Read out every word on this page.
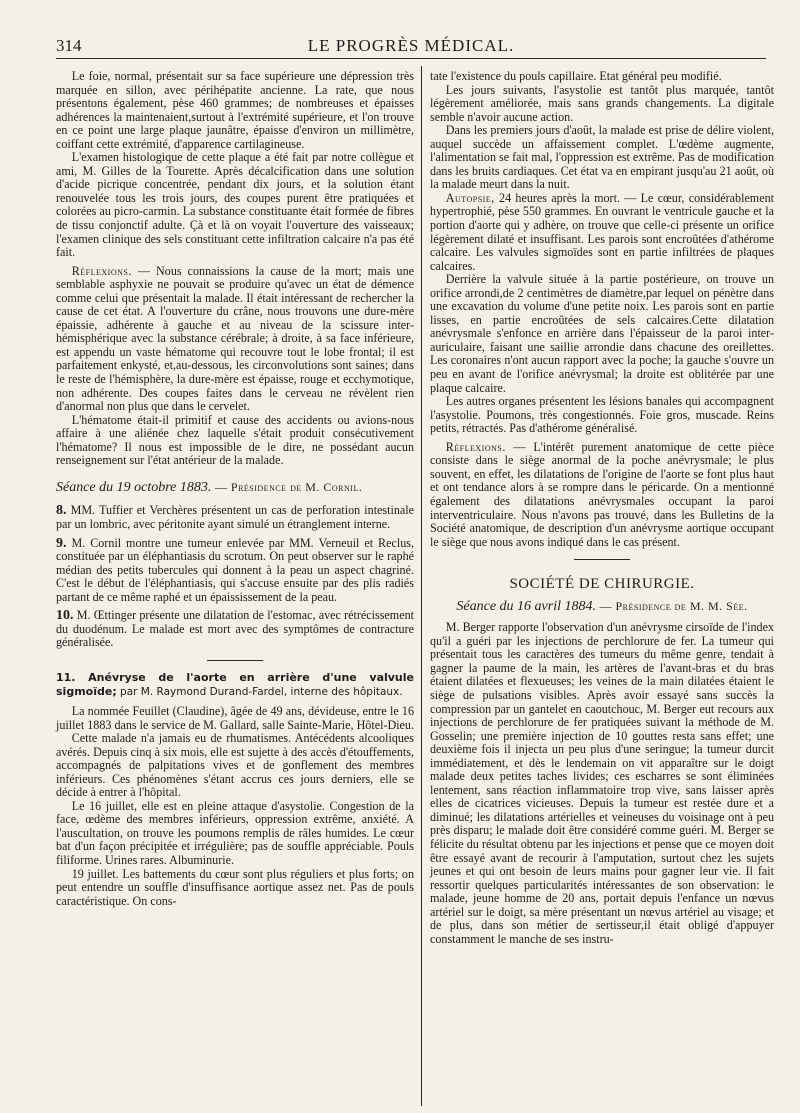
314	LE PROGRÈS MÉDICAL.

Le foie, normal, présentait sur sa face supérieure une dépression très marquée en sillon, avec périhépatite ancienne. La rate, que nous présentons également, pèse 460 grammes; de nombreuses et épaisses adhérences la maintenaient,surtout à l'extrémité supérieure, et l'on trouve en ce point une large plaque jaunâtre, épaisse d'environ un millimètre, coiffant cette extrémité, d'apparence cartilagineuse.

L'examen histologique de cette plaque a été fait par notre collègue et ami, M. Gilles de la Tourette. Après décalcification dans une solution d'acide picrique concentrée, pendant dix jours, et la solution étant renouvelée tous les trois jours, des coupes purent être pratiquées et colorées au picro-carmin. La substance constituante était formée de fibres de tissu conjonctif adulte. Çà et là on voyait l'ouverture des vaisseaux; l'examen clinique des sels constituant cette infiltration calcaire n'a pas été fait.

Réflexions. — Nous connaissions la cause de la mort; mais une semblable asphyxie ne pouvait se produire qu'avec un état de démence comme celui que présentait la malade. Il était intéressant de rechercher la cause de cet état. A l'ouverture du crâne, nous trouvons une dure-mère épaissie, adhérente à gauche et au niveau de la scissure inter-hémisphérique avec la substance cérébrale; à droite, à sa face inférieure, est appendu un vaste hématome qui recouvre tout le lobe frontal; il est parfaitement enkysté, et,au-dessous, les circonvolutions sont saines; dans le reste de l'hémisphère, la dure-mère est épaisse, rouge et ecchymotique, non adhérente. Des coupes faites dans le cerveau ne révèlent rien d'anormal non plus que dans le cervelet.

L'hématome était-il primitif et cause des accidents ou avions-nous affaire à une aliénée chez laquelle s'était produit consécutivement l'hématome? Il nous est impossible de le dire, ne possédant aucun renseignement sur l'état antérieur de la malade.

Séance du 19 octobre 1883. — Présidence de M. Cornil.

8. MM. Tuffier et Verchères présentent un cas de perforation intestinale par un lombric, avec péritonite ayant simulé un étranglement interne.

9. M. Cornil montre une tumeur enlevée par MM. Verneuil et Reclus, constituée par un éléphantiasis du scrotum. On peut observer sur le raphé médian des petits tubercules qui donnent à la peau un aspect chagriné. C'est le début de l'éléphantiasis, qui s'accuse ensuite par des plis radiés partant de ce même raphé et un épaississement de la peau.

10. M. Œttinger présente une dilatation de l'estomac, avec rétrécissement du duodénum. Le malade est mort avec des symptômes de contracture généralisée.

11. Anévryse de l'aorte en arrière d'une valvule sigmoïde; par M. Raymond Durand-Fardel, interne des hôpitaux.

La nommée Feuillet (Claudine), âgée de 49 ans, dévideuse, entre le 16 juillet 1883 dans le service de M. Gallard, salle Sainte-Marie, Hôtel-Dieu.

Cette malade n'a jamais eu de rhumatismes. Antécédents alcooliques avérés. Depuis cinq à six mois, elle est sujette à des accès d'étouffements, accompagnés de palpitations vives et de gonflement des membres inférieurs. Ces phénomènes s'étant accrus ces jours derniers, elle se décide à entrer à l'hôpital.

Le 16 juillet, elle est en pleine attaque d'asystolie. Congestion de la face, œdème des membres inférieurs, oppression extrême, anxiété. A l'auscultation, on trouve les poumons remplis de râles humides. Le cœur bat d'un façon précipitée et irrégulière; pas de souffle appréciable. Pouls filiforme. Urines rares. Albuminurie.

19 juillet. Les battements du cœur sont plus réguliers et plus forts; on peut entendre un souffle d'insuffisance aortique assez net. Pas de pouls caractéristique. On cons-

tate l'existence du pouls capillaire. Etat général peu modifié.

Les jours suivants, l'asystolie est tantôt plus marquée, tantôt légèrement améliorée, mais sans grands changements. La digitale semble n'avoir aucune action.

Dans les premiers jours d'août, la malade est prise de délire violent, auquel succède un affaissement complet. L'œdème augmente, l'alimentation se fait mal, l'oppression est extrême. Pas de modification dans les bruits cardiaques. Cet état va en empirant jusqu'au 21 août, où la malade meurt dans la nuit.

Autopsie, 24 heures après la mort. — Le cœur, considérablement hypertrophié, pèse 550 grammes. En ouvrant le ventricule gauche et la portion d'aorte qui y adhère, on trouve que celle-ci présente un orifice légèrement dilaté et insuffisant. Les parois sont encroûtées d'athérome calcaire. Les valvules sigmoïdes sont en partie infiltrées de plaques calcaires.

Derrière la valvule située à la partie postérieure, on trouve un orifice arrondi,de 2 centimètres de diamètre,par lequel on pénètre dans une excavation du volume d'une petite noix. Les parois sont en partie lisses, en partie encroûtées de sels calcaires.Cette dilatation anévrysmale s'enfonce en arrière dans l'épaisseur de la paroi inter-auriculaire, faisant une saillie arrondie dans chacune des oreillettes. Les coronaires n'ont aucun rapport avec la poche; la gauche s'ouvre un peu en avant de l'orifice anévrysmal; la droite est oblitérée par une plaque calcaire.

Les autres organes présentent les lésions banales qui accompagnent l'asystolie. Poumons, très congestionnés. Foie gros, muscade. Reins petits, rétractés. Pas d'athérome généralisé.

Réflexions. — L'intérêt purement anatomique de cette pièce consiste dans le siège anormal de la poche anévrysmale; le plus souvent, en effet, les dilatations de l'origine de l'aorte se font plus haut et ont tendance alors à se rompre dans le péricarde. On a mentionné également des dilatations anévrysmales occupant la paroi interventriculaire. Nous n'avons pas trouvé, dans les Bulletins de la Société anatomique, de description d'un anévrysme aortique occupant le siège que nous avons indiqué dans le cas présent.

SOCIÉTÉ DE CHIRURGIE.

Séance du 16 avril 1884. — Présidence de M. M. Sée.

M. Berger rapporte l'observation d'un anévrysme cirsoïde de l'index qu'il a guéri par les injections de perchlorure de fer. La tumeur qui présentait tous les caractères des tumeurs du même genre, tendait à gagner la paume de la main, les artères de l'avant-bras et du bras étaient dilatées et flexueuses; les veines de la main dilatées étaient le siège de pulsations visibles. Après avoir essayé sans succès la compression par un gantelet en caoutchouc, M. Berger eut recours aux injections de perchlorure de fer pratiquées suivant la méthode de M. Gosselin; une première injection de 10 gouttes resta sans effet; une deuxième fois il injecta un peu plus d'une seringue; la tumeur durcit immédiatement, et dès le lendemain on vit apparaître sur le doigt malade deux petites taches livides; ces escharres se sont éliminées lentement, sans réaction inflammatoire trop vive, sans laisser après elles de cicatrices vicieuses. Depuis la tumeur est restée dure et a diminué; les dilatations artérielles et veineuses du voisinage ont à peu près disparu; le malade doit être considéré comme guéri. M. Berger se félicite du résultat obtenu par les injections et pense que ce moyen doit être essayé avant de recourir à l'amputation, surtout chez les sujets jeunes et qui ont besoin de leurs mains pour gagner leur vie. Il fait ressortir quelques particularités intéressantes de son observation: le malade, jeune homme de 20 ans, portait depuis l'enfance un nœvus artériel sur le doigt, sa mère présentant un nœvus artériel au visage; et de plus, dans son métier de sertisseur,il était obligé d'appuyer constamment le manche de ses instru-
